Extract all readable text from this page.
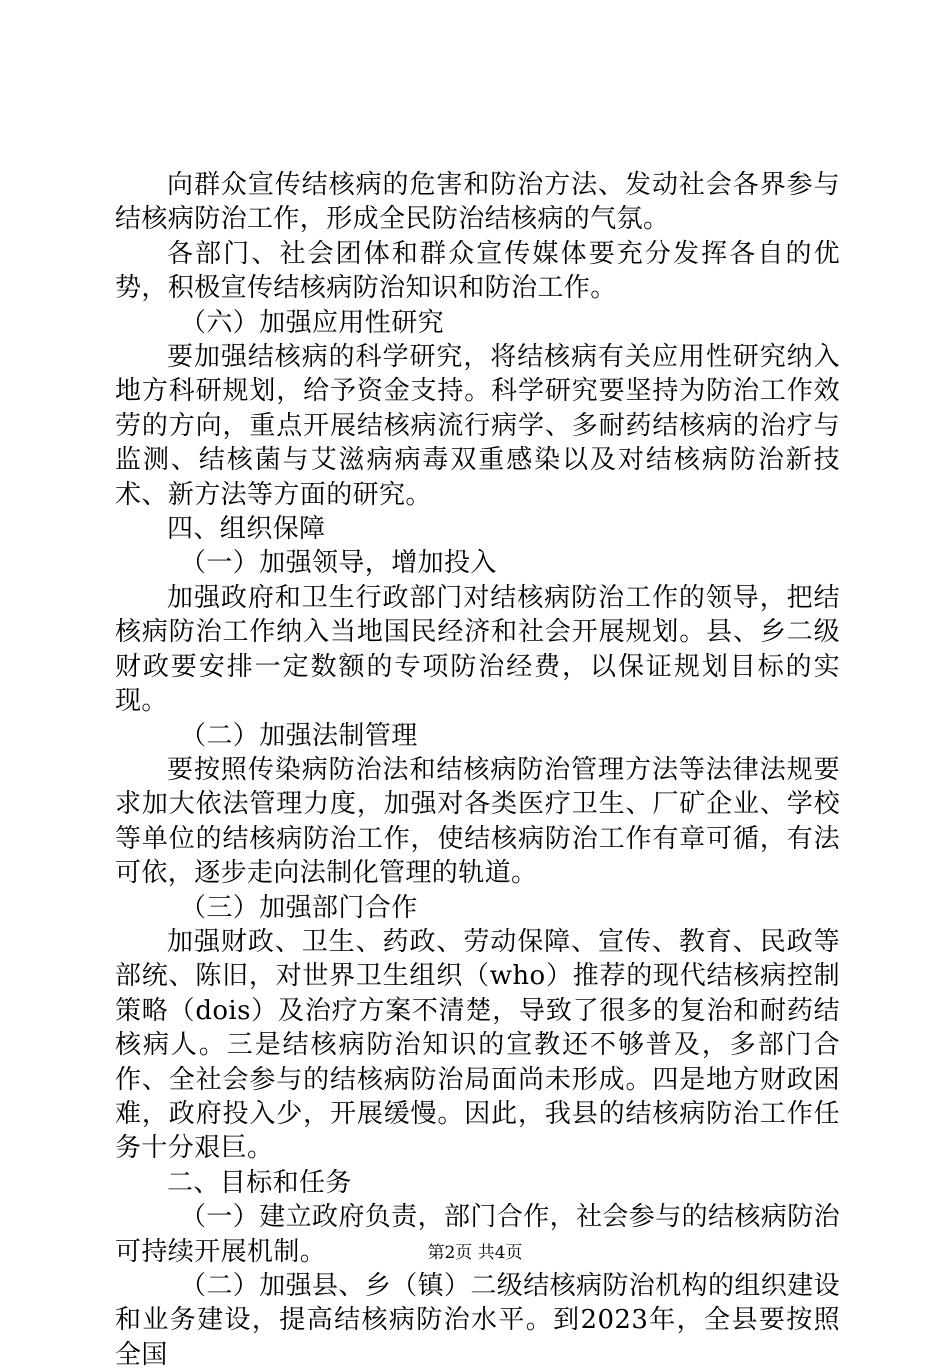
向群众宣传结核病的危害和防治方法、发动社会各界参与结核病防治工作，形成全民防治结核病的气氛。

各部门、社会团体和群众宣传媒体要充分发挥各自的优势，积极宣传结核病防治知识和防治工作。

（六）加强应用性研究

要加强结核病的科学研究，将结核病有关应用性研究纳入地方科研规划，给予资金支持。科学研究要坚持为防治工作效劳的方向，重点开展结核病流行病学、多耐药结核病的治疗与监测、结核菌与艾滋病病毒双重感染以及对结核病防治新技术、新方法等方面的研究。

四、组织保障

（一）加强领导，增加投入

加强政府和卫生行政部门对结核病防治工作的领导，把结核病防治工作纳入当地国民经济和社会开展规划。县、乡二级财政要安排一定数额的专项防治经费，以保证规划目标的实现。

（二）加强法制管理

要按照传染病防治法和结核病防治管理方法等法律法规要求加大依法管理力度，加强对各类医疗卫生、厂矿企业、学校等单位的结核病防治工作，使结核病防治工作有章可循，有法可依，逐步走向法制化管理的轨道。

（三）加强部门合作

加强财政、卫生、药政、劳动保障、宣传、教育、民政等部统、陈旧，对世界卫生组织（who）推荐的现代结核病控制策略（dois）及治疗方案不清楚，导致了很多的复治和耐药结核病人。三是结核病防治知识的宣教还不够普及，多部门合作、全社会参与的结核病防治局面尚未形成。四是地方财政困难，政府投入少，开展缓慢。因此，我县的结核病防治工作任务十分艰巨。

二、目标和任务

（一）建立政府负责，部门合作，社会参与的结核病防治可持续开展机制。

（二）加强县、乡（镇）二级结核病防治机构的组织建设和业务建设，提高结核病防治水平。到2023年，全县要按照全国

第2页 共4页
